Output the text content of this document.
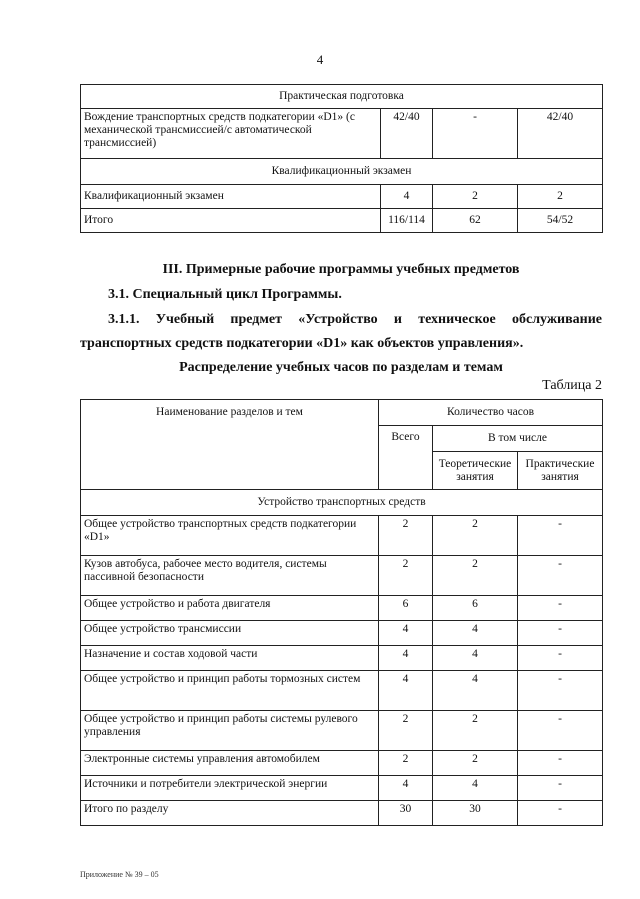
4
Практическая подготовка			
Вождение транспортных средств подкатегории «D1» (с механической трансмиссией/с автоматической трансмиссией)	42/40	-	42/40
Квалификационный экзамен			
Квалификационный экзамен	4	2	2
Итого	116/114	62	54/52
III. Примерные рабочие программы учебных предметов
3.1. Специальный цикл Программы.
3.1.1. Учебный предмет «Устройство и техническое обслуживание
транспортных средств подкатегории «D1» как объектов управления».
Распределение учебных часов по разделам и темам
Таблица 2
Наименование разделов и тем	Количество часов		
	Всего	В том числе	
		Теоретические занятия	Практические занятия
Устройство транспортных средств			
Общее устройство транспортных средств подкатегории «D1»	2	2	-
Кузов автобуса, рабочее место водителя, системы пассивной безопасности	2	2	-
Общее устройство и работа двигателя	6	6	-
Общее устройство трансмиссии	4	4	-
Назначение и состав ходовой части	4	4	-
Общее устройство и принцип работы тормозных систем	4	4	-
Общее устройство и принцип работы системы рулевого управления	2	2	-
Электронные системы управления автомобилем	2	2	-
Источники и потребители электрической энергии	4	4	-
Итого по разделу	30	30	-
Приложение № 39 – 05
